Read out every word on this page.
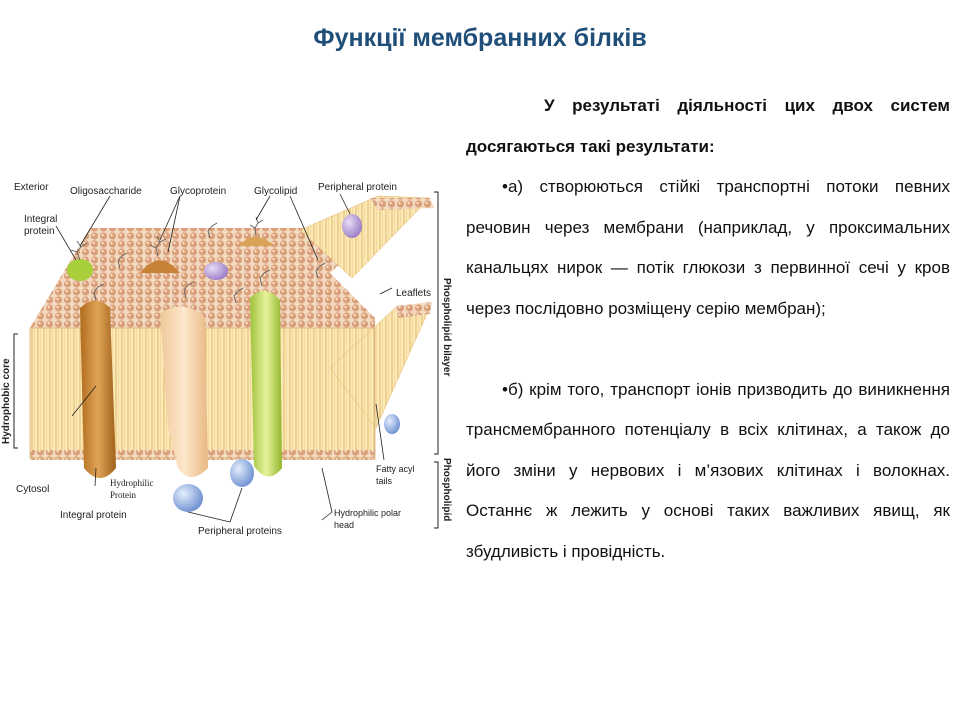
Функції мембранних білків

У результаті діяльності цих двох систем досягаються такі результати:

•а) створюються стійкі транспортні потоки певних речовин через мембрани (наприклад, у проксимальних канальцях нирок — потік глюкози з первинної сечі у кров через послідовно розміщену серію мембран);

•б) крім того, транспорт іонів призводить до виникнення трансмембранного потенціалу в всіх клітинах, а також до його зміни у нервових і м’язових клітинах і волокнах. Останнє ж лежить у основі таких важливих явищ, як збудливість і провідність.

Exterior Oligosaccharide	Glycoprotein	Glycolipid Peripheral protein
Integral
protein
Leaflets
Cytosol
Hydrophilic
Protein
Integral protein
Peripheral proteins
Fatty acyl
tails
Hydrophilic polar
head
Hydrophobic core
Phospholipid bilayer
Phospholipid
